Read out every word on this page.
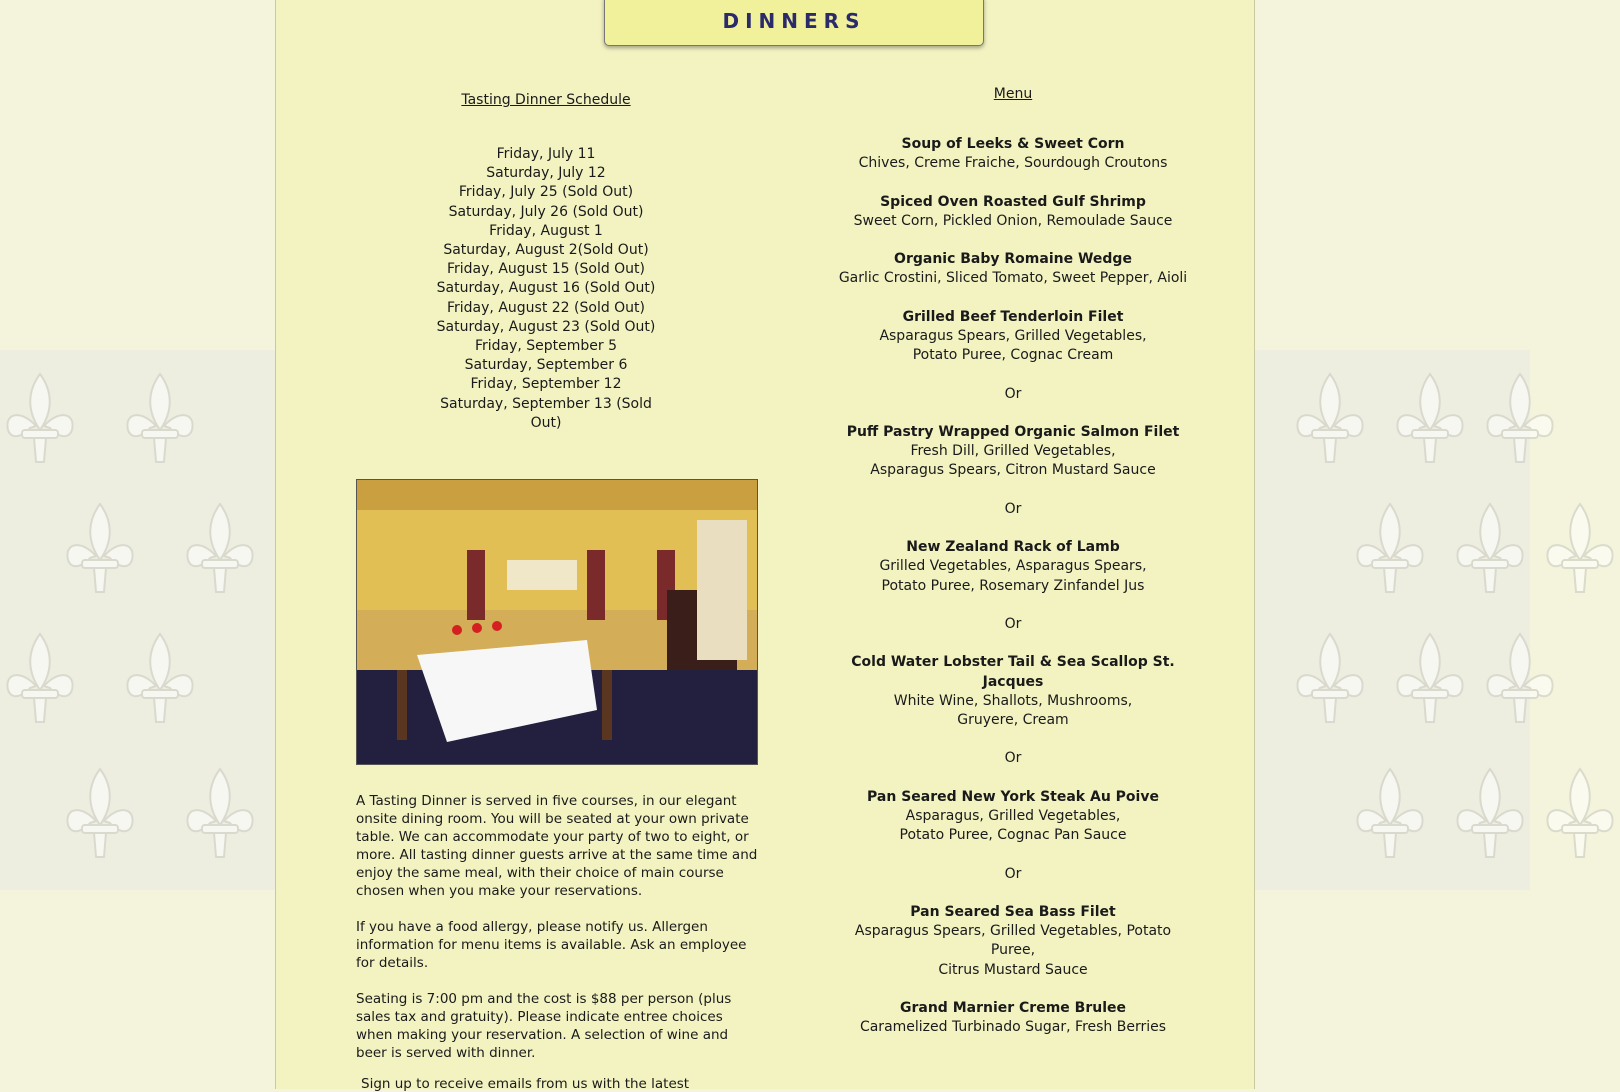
DINNERS
Tasting Dinner Schedule
Friday, July 11
Saturday, July 12
Friday, July 25 (Sold Out)
Saturday, July 26 (Sold Out)
Friday, August 1
Saturday, August 2(Sold Out)
Friday, August 15 (Sold Out)
Saturday, August 16 (Sold Out)
Friday, August 22 (Sold Out)
Saturday, August 23 (Sold Out)
Friday, September 5
Saturday, September 6
Friday, September 12
Saturday, September 13 (Sold Out)

A Tasting Dinner is served in five courses, in our elegant onsite dining room. You will be seated at your own private table. We can accommodate your party of two to eight, or more. All tasting dinner guests arrive at the same time and enjoy the same meal, with their choice of main course chosen when you make your reservations.

If you have a food allergy, please notify us. Allergen information for menu items is available. Ask an employee for details.

Seating is 7:00 pm and the cost is $88 per person (plus sales tax and gratuity). Please indicate entree choices when making your reservation. A selection of wine and beer is served with dinner.

Sign up to receive emails from us with the latest
Menu
Soup of Leeks & Sweet Corn
Chives, Creme Fraiche, Sourdough Croutons
Spiced Oven Roasted Gulf Shrimp
Sweet Corn, Pickled Onion, Remoulade Sauce
Organic Baby Romaine Wedge
Garlic Crostini, Sliced Tomato, Sweet Pepper, Aioli
Grilled Beef Tenderloin Filet
Asparagus Spears, Grilled Vegetables,
Potato Puree, Cognac Cream
Or
Puff Pastry Wrapped Organic Salmon Filet
Fresh Dill, Grilled Vegetables,
Asparagus Spears, Citron Mustard Sauce
Or
New Zealand Rack of Lamb
Grilled Vegetables, Asparagus Spears,
Potato Puree, Rosemary Zinfandel Jus
Or
Cold Water Lobster Tail & Sea Scallop St. Jacques
White Wine, Shallots, Mushrooms,
Gruyere, Cream
Or
Pan Seared New York Steak Au Poive
Asparagus, Grilled Vegetables,
Potato Puree, Cognac Pan Sauce
Or
Pan Seared Sea Bass Filet
Asparagus Spears, Grilled Vegetables, Potato Puree,
Citrus Mustard Sauce
Grand Marnier Creme Brulee
Caramelized Turbinado Sugar, Fresh Berries
